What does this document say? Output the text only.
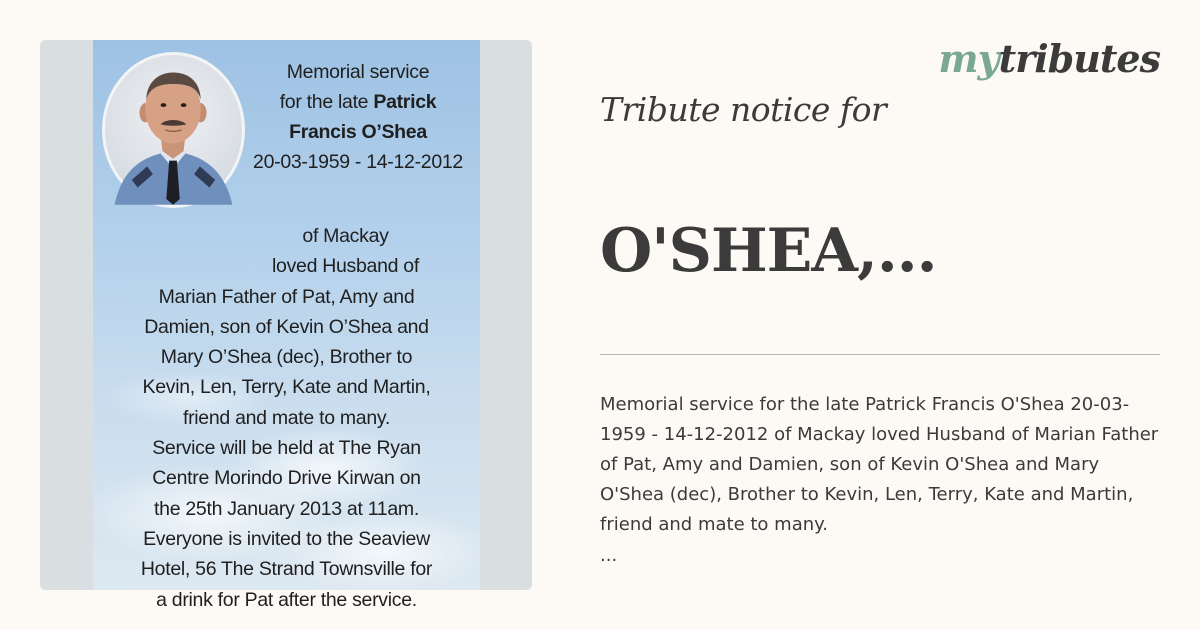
Memorial service
for the late Patrick
Francis O’Shea
20-03-1959 - 14-12-2012
of Mackay
loved Husband of
Marian Father of Pat, Amy and
Damien, son of Kevin O’Shea and
Mary O’Shea (dec), Brother to
Kevin, Len, Terry, Kate and Martin,
friend and mate to many.
Service will be held at The Ryan
Centre Morindo Drive Kirwan on
the 25th January 2013 at 11am.
Everyone is invited to the Seaview
Hotel, 56 The Strand Townsville for
a drink for Pat after the service.
mytributes
Tribute notice for
O'SHEA,...
Memorial service for the late Patrick Francis O'Shea 20-03-1959 - 14-12-2012 of Mackay loved Husband of Marian Father of Pat, Amy and Damien, son of Kevin O'Shea and Mary O'Shea (dec), Brother to Kevin, Len, Terry, Kate and Martin, friend and mate to many.
...
